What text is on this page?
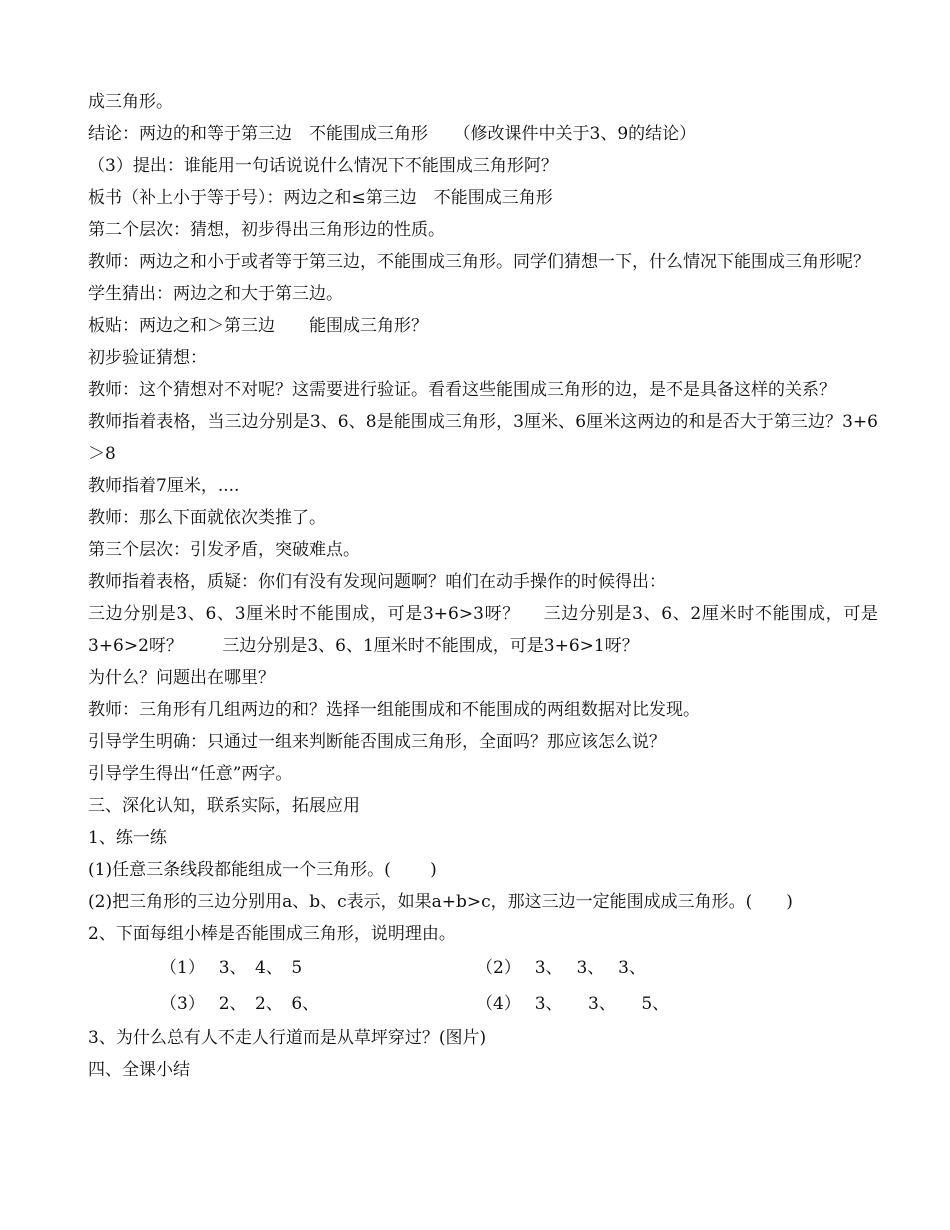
成三角形。
结论：两边的和等于第三边　不能围成三角形　　（修改课件中关于3、9的结论）
（3）提出：谁能用一句话说说什么情况下不能围成三角形阿？
板书（补上小于等于号）：两边之和≤第三边　不能围成三角形
第二个层次：猜想，初步得出三角形边的性质。
教师：两边之和小于或者等于第三边，不能围成三角形。同学们猜想一下，什么情况下能围成三角形呢？
学生猜出：两边之和大于第三边。
板贴：两边之和＞第三边　　能围成三角形？
初步验证猜想：
教师：这个猜想对不对呢？这需要进行验证。看看这些能围成三角形的边，是不是具备这样的关系？
教师指着表格，当三边分别是3、6、8是能围成三角形，3厘米、6厘米这两边的和是否大于第三边？3+6＞8
教师指着7厘米，....
教师：那么下面就依次类推了。
第三个层次：引发矛盾，突破难点。
教师指着表格，质疑：你们有没有发现问题啊？咱们在动手操作的时候得出：
三边分别是3、6、3厘米时不能围成，可是3+6>3呀？　 三边分别是3、6、2厘米时不能围成，可是3+6>2呀？　　 三边分别是3、6、1厘米时不能围成，可是3+6>1呀？
为什么？问题出在哪里？
教师：三角形有几组两边的和？选择一组能围成和不能围成的两组数据对比发现。
引导学生明确：只通过一组来判断能否围成三角形，全面吗？那应该怎么说？
引导学生得出“任意”两字。
三、深化认知，联系实际，拓展应用
1、练一练
(1)任意三条线段都能组成一个三角形。(　　 )
(2)把三角形的三边分别用a、b、c表示，如果a+b>c，那这三边一定能围成成三角形。(　　)
2、下面每组小棒是否能围成三角形，说明理由。
（1）　 3、　4、　5	（2）　 3、　 3、　 3、
（3）　 2、　2、　6、	（4）　 3、　　3、　　5、
3、为什么总有人不走人行道而是从草坪穿过？(图片)
四、全课小结
